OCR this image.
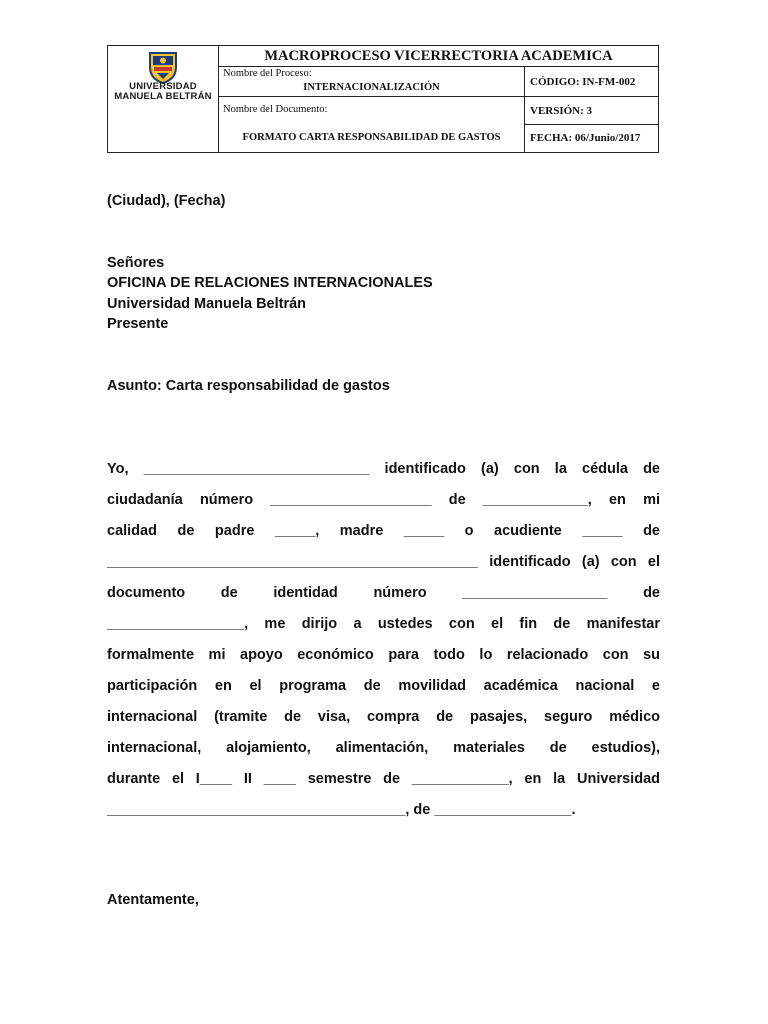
UNIVERSIDAD
MANUELA BELTRÁN
MACROPROCESO VICERRECTORIA ACADEMICA
Nombre del Proceso:
INTERNACIONALIZACIÓN
Nombre del Documento:
FORMATO CARTA RESPONSABILIDAD DE GASTOS
CÓDIGO: IN-FM-002
VERSIÓN: 3
FECHA: 06/Junio/2017
(Ciudad), (Fecha)
Señores
OFICINA DE RELACIONES INTERNACIONALES
Universidad Manuela Beltrán
Presente
Asunto: Carta responsabilidad de gastos
Yo, ____________________________ identificado (a) con la cédula de
ciudadanía número ____________________ de _____________, en mi
calidad de padre _____, madre _____ o acudiente _____ de
______________________________________________ identificado (a) con el
documento de identidad número __________________ de
_________________, me dirijo a ustedes con el fin de manifestar
formalmente mi apoyo económico para todo lo relacionado con su
participación en el programa de movilidad académica nacional e
internacional (tramite de visa, compra de pasajes, seguro médico
internacional, alojamiento, alimentación, materiales de estudios),
durante el I____ II ____ semestre de ____________, en la Universidad
_____________________________________, de _________________.
Atentamente,
